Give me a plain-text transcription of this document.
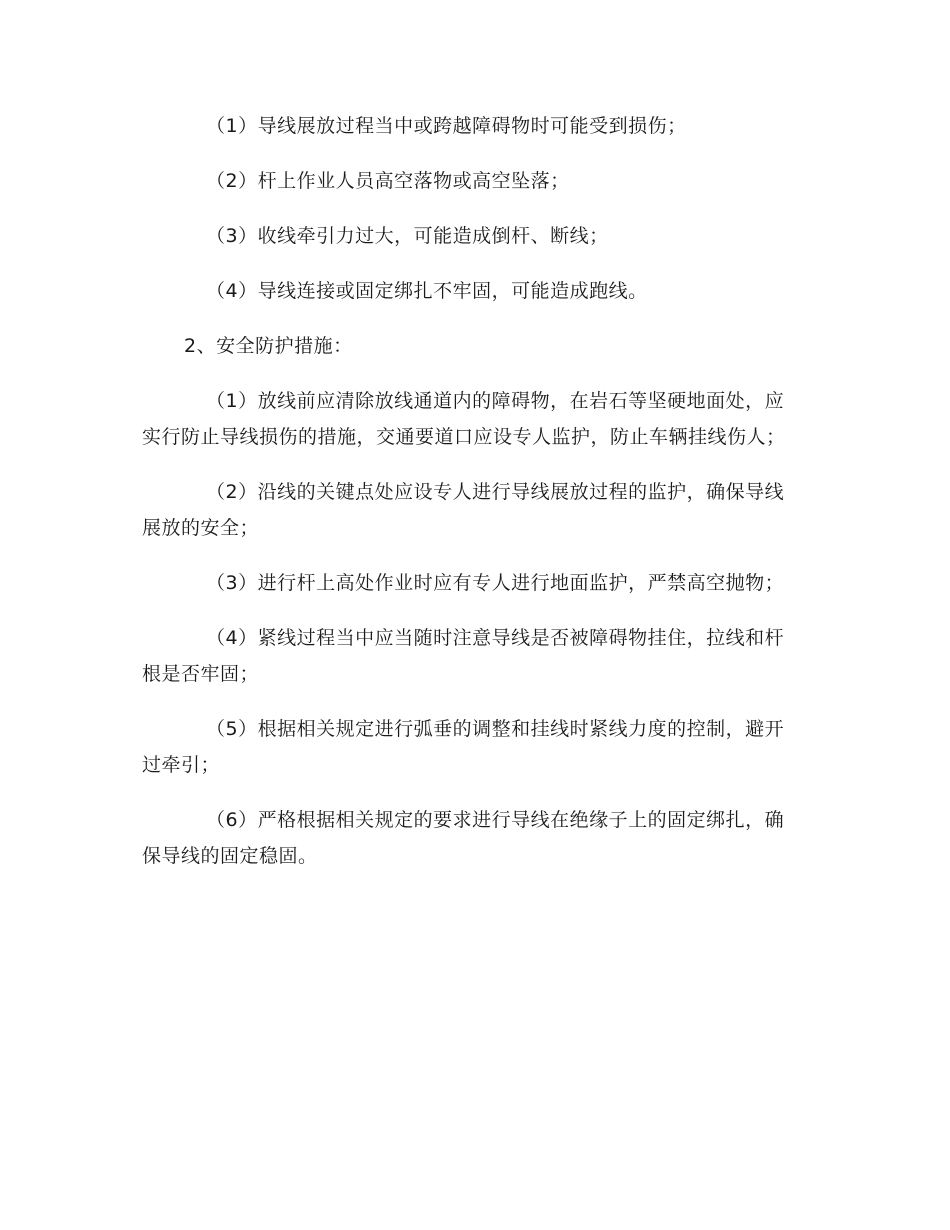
（1）导线展放过程当中或跨越障碍物时可能受到损伤；

（2）杆上作业人员高空落物或高空坠落；

（3）收线牵引力过大，可能造成倒杆、断线；

（4）导线连接或固定绑扎不牢固，可能造成跑线。

2、安全防护措施：

（1）放线前应清除放线通道内的障碍物，在岩石等坚硬地面处，应实行防止导线损伤的措施，交通要道口应设专人监护，防止车辆挂线伤人；

（2）沿线的关键点处应设专人进行导线展放过程的监护，确保导线展放的安全；

（3）进行杆上高处作业时应有专人进行地面监护，严禁高空抛物；

（4）紧线过程当中应当随时注意导线是否被障碍物挂住，拉线和杆根是否牢固；

（5）根据相关规定进行弧垂的调整和挂线时紧线力度的控制，避开过牵引；

（6）严格根据相关规定的要求进行导线在绝缘子上的固定绑扎，确保导线的固定稳固。
